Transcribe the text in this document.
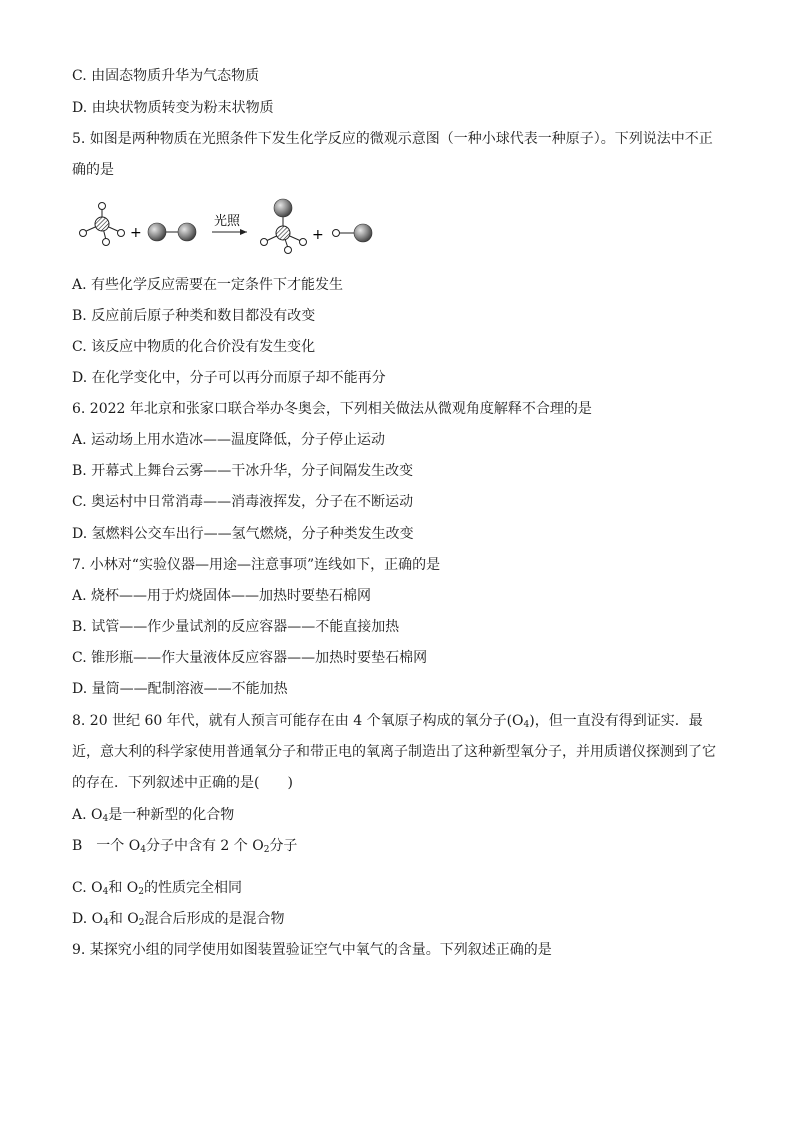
C. 由固态物质升华为气态物质
D. 由块状物质转变为粉末状物质
5. 如图是两种物质在光照条件下发生化学反应的微观示意图（一种小球代表一种原子）。下列说法中不正确的是
+
光照
+
A. 有些化学反应需要在一定条件下才能发生
B. 反应前后原子种类和数目都没有改变
C. 该反应中物质的化合价没有发生变化
D. 在化学变化中，分子可以再分而原子却不能再分
6. 2022 年北京和张家口联合举办冬奥会，下列相关做法从微观角度解释不合理的是
A. 运动场上用水造冰——温度降低，分子停止运动
B. 开幕式上舞台云雾——干冰升华，分子间隔发生改变
C. 奥运村中日常消毒——消毒液挥发，分子在不断运动
D. 氢燃料公交车出行——氢气燃烧，分子种类发生改变
7. 小林对“实验仪器—用途—注意事项”连线如下，正确的是
A. 烧杯——用于灼烧固体——加热时要垫石棉网
B. 试管——作少量试剂的反应容器——不能直接加热
C. 锥形瓶——作大量液体反应容器——加热时要垫石棉网
D. 量筒——配制溶液——不能加热
8. 20 世纪 60 年代，就有人预言可能存在由 4 个氧原子构成的氧分子$(O_4)$，但一直没有得到证实．最近，意大利的科学家使用普通氧分子和带正电的氧离子制造出了这种新型氧分子，并用质谱仪探测到了它的存在．下列叙述中正确的是(　　)
A. $O_4$是一种新型的化合物
B　一个 $O_4$分子中含有 2 个 $O_2$分子
C. $O_4$和 $O_2$的性质完全相同
D. $O_4$和 $O_2$混合后形成的是混合物
9. 某探究小组的同学使用如图装置验证空气中氧气的含量。下列叙述正确的是
